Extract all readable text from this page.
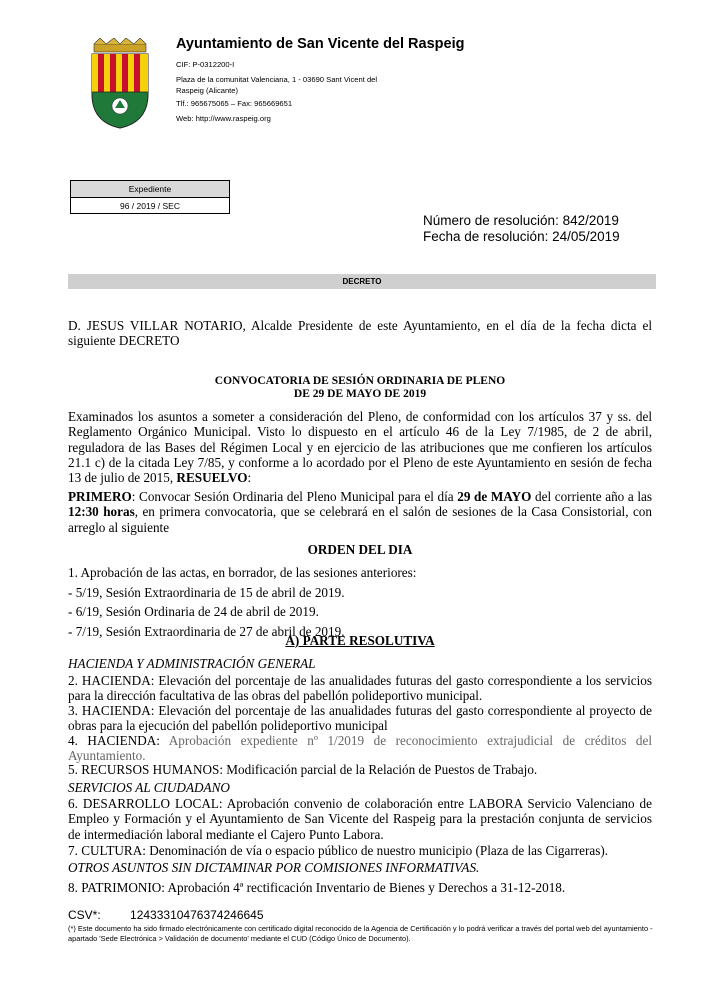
Ayuntamiento de San Vicente del Raspeig
CIF: P-0312200-I
Plaza de la comunitat Valenciana, 1 - 03690 Sant Vicent del
Raspeig (Alicante)
Tlf.: 965675065 – Fax: 965669651
Web: http://www.raspeig.org
Expediente
96 / 2019 / SEC
Número de resolución: 842/2019
Fecha de resolución: 24/05/2019
DECRETO
D. JESUS VILLAR NOTARIO, Alcalde Presidente de este Ayuntamiento, en el día de la fecha dicta el siguiente DECRETO
CONVOCATORIA DE SESIÓN ORDINARIA DE PLENO
DE 29 DE MAYO DE 2019
Examinados los asuntos a someter a consideración del Pleno, de conformidad con los artículos 37 y ss. del Reglamento Orgánico Municipal. Visto lo dispuesto en el artículo 46 de la Ley 7/1985, de 2 de abril, reguladora de las Bases del Régimen Local y en ejercicio de las atribuciones que me confieren los artículos 21.1 c) de la citada Ley 7/85, y conforme a lo acordado por el Pleno de este Ayuntamiento en sesión de fecha 13 de julio de 2015, RESUELVO:
PRIMERO: Convocar Sesión Ordinaria del Pleno Municipal para el día 29 de MAYO del corriente año a las 12:30 horas, en primera convocatoria, que se celebrará en el salón de sesiones de la Casa Consistorial, con arreglo al siguiente
ORDEN DEL DIA
1. Aprobación de las actas, en borrador, de las sesiones anteriores:
- 5/19, Sesión Extraordinaria de 15 de abril de 2019.
- 6/19, Sesión Ordinaria de 24 de abril de 2019.
- 7/19, Sesión Extraordinaria de 27 de abril de 2019.
A) PARTE RESOLUTIVA
HACIENDA Y ADMINISTRACIÓN GENERAL
2. HACIENDA: Elevación del porcentaje de las anualidades futuras del gasto correspondiente a los servicios para la dirección facultativa de las obras del pabellón polideportivo municipal.
3. HACIENDA: Elevación del porcentaje de las anualidades futuras del gasto correspondiente al proyecto de obras para la ejecución del pabellón polideportivo municipal
4. HACIENDA: Aprobación expediente nº 1/2019 de reconocimiento extrajudicial de créditos del Ayuntamiento.
5. RECURSOS HUMANOS: Modificación parcial de la Relación de Puestos de Trabajo.
SERVICIOS AL CIUDADANO
6. DESARROLLO LOCAL: Aprobación convenio de colaboración entre LABORA Servicio Valenciano de Empleo y Formación y el Ayuntamiento de San Vicente del Raspeig para la prestación conjunta de servicios de intermediación laboral mediante el Cajero Punto Labora.
7. CULTURA: Denominación de vía o espacio público de nuestro municipio (Plaza de las Cigarreras).
OTROS ASUNTOS SIN DICTAMINAR POR COMISIONES INFORMATIVAS.
8. PATRIMONIO: Aprobación 4ª rectificación Inventario de Bienes y Derechos a 31-12-2018.
CSV*: 12433310476374246645
(*) Este documento ha sido firmado electrónicamente con certificado digital reconocido de la Agencia de Certificación y lo podrá verificar a través del portal web del ayuntamiento - apartado 'Sede Electrónica > Validación de documento' mediante el CUD (Código Único de Documento).
